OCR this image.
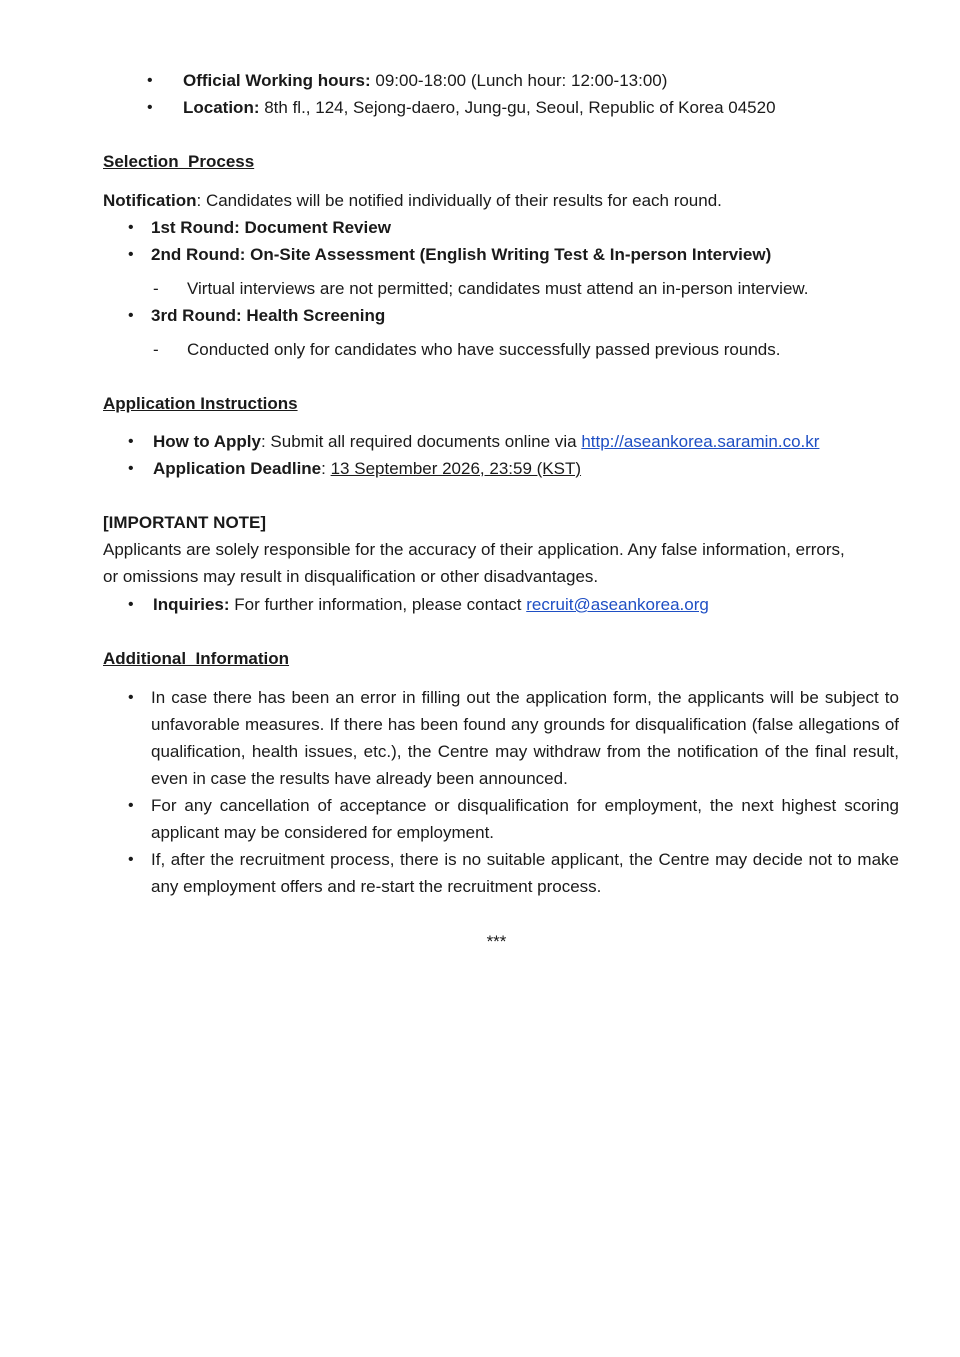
• Official Working hours: 09:00-18:00 (Lunch hour: 12:00-13:00)
• Location: 8th fl., 124, Sejong-daero, Jung-gu, Seoul, Republic of Korea 04520
Selection  Process
Notification: Candidates will be notified individually of their results for each round.
• 1st Round: Document Review
• 2nd Round: On-Site Assessment (English Writing Test & In-person Interview)
- Virtual interviews are not permitted; candidates must attend an in-person interview.
• 3rd Round: Health Screening
- Conducted only for candidates who have successfully passed previous rounds.
Application Instructions
• How to Apply: Submit all required documents online via http://aseankorea.saramin.co.kr
• Application Deadline: 13 September 2026, 23:59 (KST)
[IMPORTANT NOTE]
Applicants are solely responsible for the accuracy of their application. Any false information, errors,
or omissions may result in disqualification or other disadvantages.
• Inquiries: For further information, please contact recruit@aseankorea.org
Additional  Information
• In case there has been an error in filling out the application form, the applicants will be subject to unfavorable measures. If there has been found any grounds for disqualification (false allegations of qualification, health issues, etc.), the Centre may withdraw from the notification of the final result, even in case the results have already been announced.
• For any cancellation of acceptance or disqualification for employment, the next highest scoring applicant may be considered for employment.
• If, after the recruitment process, there is no suitable applicant, the Centre may decide not to make any employment offers and re-start the recruitment process.
***
